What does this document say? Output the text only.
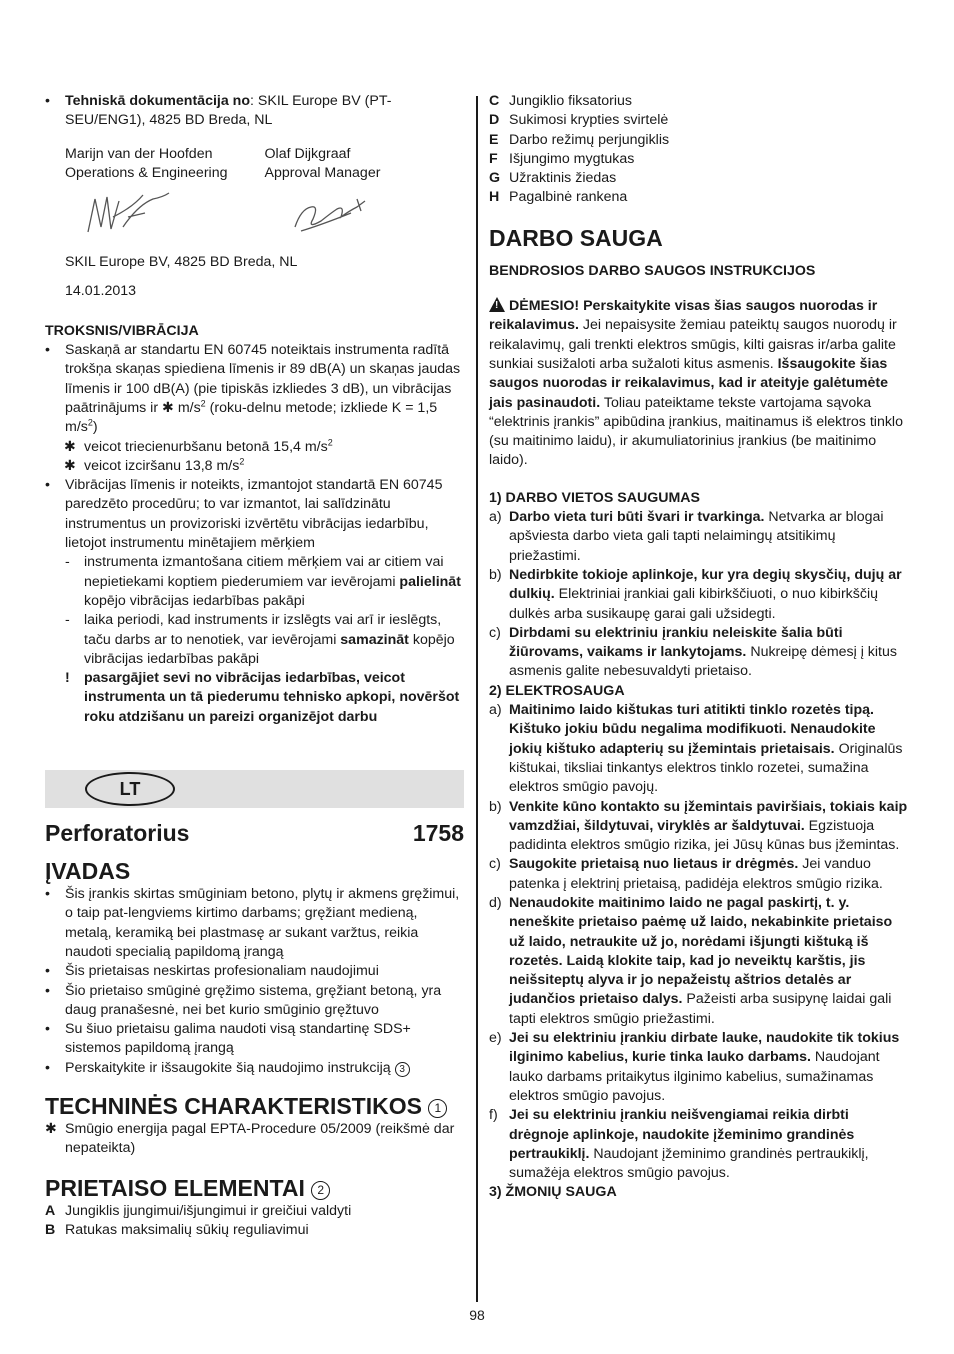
• Tehniskā dokumentācija no: SKIL Europe BV (PT-SEU/ENG1), 4825 BD Breda, NL

Marijn van der Hoofden

Operations & Engineering

Olaf Dijkgraaf

Approval Manager

SKIL Europe BV, 4825 BD Breda, NL

14.01.2013

TROKSNIS/VIBRĀCIJA

• Saskaņā ar standartu EN 60745 noteiktais instrumenta radītā trokšņa skaņas spiediena līmenis ir 89 dB(A) un skaņas jaudas līmenis ir 100 dB(A) (pie tipiskās izkliedes 3 dB), un vibrācijas paātrinājums ir ✱ $m/s^2$ (roku-delnu metode; izkliede K = 1,5 $m/s^2$)

✱ veicot triecienurbšanu betonā 15,4 $m/s^2$

✱ veicot izciršanu 13,8 $m/s^2$

• Vibrācijas līmenis ir noteikts, izmantojot standartā EN 60745 paredzēto procedūru; to var izmantot, lai salīdzinātu instrumentus un provizoriski izvērtētu vibrācijas iedarbību, lietojot instrumentu minētajiem mērķiem

- instrumenta izmantošana citiem mērķiem vai ar citiem vai nepietiekami koptiem piederumiem var ievērojami palielināt kopējo vibrācijas iedarbības pakāpi

- laika periodi, kad instruments ir izslēgts vai arī ir ieslēgts, taču darbs ar to nenotiek, var ievērojami samazināt kopējo vibrācijas iedarbības pakāpi

! pasargājiet sevi no vibrācijas iedarbības, veicot instrumenta un tā piederumu tehnisko apkopi, novēršot roku atdzišanu un pareizi organizējot darbu

LT
Perforatorius	1758

ĮVADAS

• Šis įrankis skirtas smūginiam betono, plytų ir akmens gręžimui, o taip pat-lengviems kirtimo darbams; gręžiant medieną, metalą, keramiką bei plastmasę ar sukant varžtus, reikia naudoti specialią papildomą įrangą

• Šis prietaisas neskirtas profesionaliam naudojimui

• Šio prietaiso smūginė gręžimo sistema, gręžiant betoną, yra daug pranašesnė, nei bet kurio smūginio gręžtuvo

• Su šiuo prietaisu galima naudoti visą standartinę SDS+ sistemos papildomą įrangą

• Perskaitykite ir išsaugokite šią naudojimo instrukciją 3

TECHNINĖS CHARAKTERISTIKOS 1

✱ Smūgio energija pagal EPTA-Procedure 05/2009 (reikšmė dar nepateikta)

PRIETAISO ELEMENTAI 2

A Jungiklis įjungimui/išjungimui ir greičiui valdyti

B Ratukas maksimalių sūkių reguliavimui

C Jungiklio fiksatorius

D Sukimosi krypties svirtelė

E Darbo režimų perjungiklis

F Išjungimo mygtukas

G Užraktinis žiedas

H Pagalbinė rankena

DARBO SAUGA

BENDROSIOS DARBO SAUGOS INSTRUKCIJOS

! DĖMESIO! Perskaitykite visas šias saugos nuorodas ir reikalavimus. Jei nepaisysite žemiau pateiktų saugos nuorodų ir reikalavimų, gali trenkti elektros smūgis, kilti gaisras ir/arba galite sunkiai susižaloti arba sužaloti kitus asmenis. Išsaugokite šias saugos nuorodas ir reikalavimus, kad ir ateityje galėtumėte jais pasinaudoti. Toliau pateiktame tekste vartojama sąvoka “elektrinis įrankis” apibūdina įrankius, maitinamus iš elektros tinklo (su maitinimo laidu), ir akumuliatorinius įrankius (be maitinimo laido).

1) DARBO VIETOS SAUGUMAS

a) Darbo vieta turi būti švari ir tvarkinga. Netvarka ar blogai apšviesta darbo vieta gali tapti nelaimingų atsitikimų priežastimi.

b) Nedirbkite tokioje aplinkoje, kur yra degių skysčių, dujų ar dulkių. Elektriniai įrankiai gali kibirkščiuoti, o nuo kibirkščių dulkės arba susikaupę garai gali užsidegti.

c) Dirbdami su elektriniu įrankiu neleiskite šalia būti žiūrovams, vaikams ir lankytojams. Nukreipę dėmesį į kitus asmenis galite nebesuvaldyti prietaiso.

2) ELEKTROSAUGA

a) Maitinimo laido kištukas turi atitikti tinklo rozetės tipą. Kištuko jokiu būdu negalima modifikuoti. Nenaudokite jokių kištuko adapterių su įžemintais prietaisais. Originalūs kištukai, tiksliai tinkantys elektros tinklo rozetei, sumažina elektros smūgio pavojų.

b) Venkite kūno kontakto su įžemintais paviršiais, tokiais kaip vamzdžiai, šildytuvai, viryklės ar šaldytuvai. Egzistuoja padidinta elektros smūgio rizika, jei Jūsų kūnas bus įžemintas.

c) Saugokite prietaisą nuo lietaus ir drėgmės. Jei vanduo patenka į elektrinį prietaisą, padidėja elektros smūgio rizika.

d) Nenaudokite maitinimo laido ne pagal paskirtį, t. y. neneškite prietaiso paėmę už laido, nekabinkite prietaiso už laido, netraukite už jo, norėdami išjungti kištuką iš rozetės. Laidą klokite taip, kad jo neveiktų karštis, jis neišsiteptų alyva ir jo nepažeistų aštrios detalės ar judančios prietaiso dalys. Pažeisti arba susipynę laidai gali tapti elektros smūgio priežastimi.

e) Jei su elektriniu įrankiu dirbate lauke, naudokite tik tokius ilginimo kabelius, kurie tinka lauko darbams. Naudojant lauko darbams pritaikytus ilginimo kabelius, sumažinamas elektros smūgio pavojus.

f) Jei su elektriniu įrankiu neišvengiamai reikia dirbti drėgnoje aplinkoje, naudokite įžeminimo grandinės pertraukiklį. Naudojant įžeminimo grandinės pertraukiklį, sumažėja elektros smūgio pavojus.

3) ŽMONIŲ SAUGA

98
